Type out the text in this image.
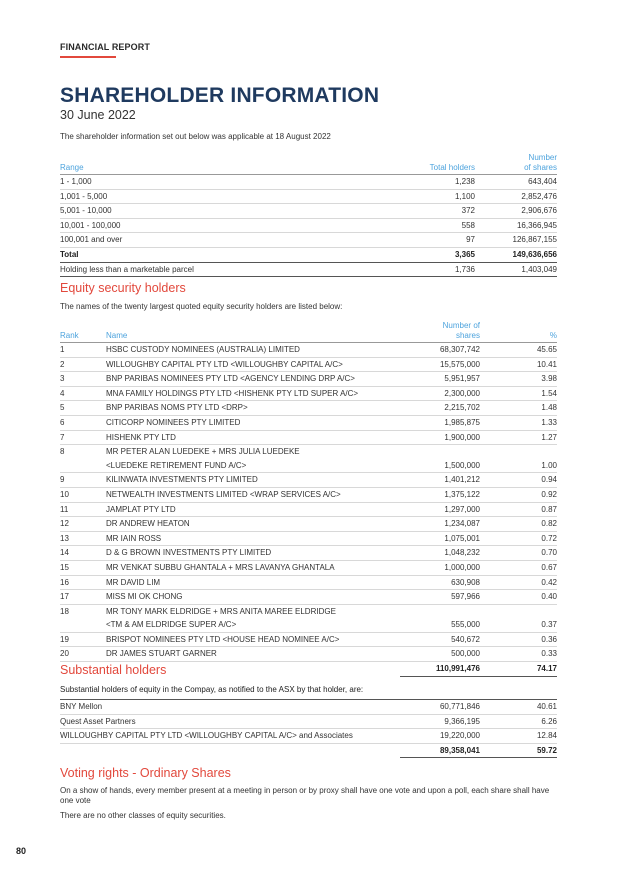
FINANCIAL REPORT
SHAREHOLDER INFORMATION
30 June 2022
The shareholder information set out below was applicable at 18 August 2022
Range	Total holders	Number
of shares
1 - 1,000	1,238	643,404
1,001 - 5,000	1,100	2,852,476
5,001 - 10,000	372	2,906,676
10,001 - 100,000	558	16,366,945
100,001 and over	97	126,867,155
Total	3,365	149,636,656
Holding less than a marketable parcel	1,736	1,403,049
Equity security holders
The names of the twenty largest quoted equity security holders are listed below:
Rank	Name	Number of
shares	%
1	HSBC CUSTODY NOMINEES (AUSTRALIA) LIMITED	68,307,742	45.65
2	WILLOUGHBY CAPITAL PTY LTD <WILLOUGHBY CAPITAL A/C>	15,575,000	10.41
3	BNP PARIBAS NOMINEES PTY LTD <AGENCY LENDING DRP A/C>	5,951,957	3.98
4	MNA FAMILY HOLDINGS PTY LTD <HISHENK PTY LTD SUPER A/C>	2,300,000	1.54
5	BNP PARIBAS NOMS PTY LTD <DRP>	2,215,702	1.48
6	CITICORP NOMINEES PTY LIMITED	1,985,875	1.33
7	HISHENK PTY LTD	1,900,000	1.27
8	MR PETER ALAN LUEDEKE + MRS JULIA LUEDEKE
<LUEDEKE RETIREMENT FUND A/C>	1,500,000	1.00
9	KILINWATA INVESTMENTS PTY LIMITED	1,401,212	0.94
10	NETWEALTH INVESTMENTS LIMITED <WRAP SERVICES A/C>	1,375,122	0.92
11	JAMPLAT PTY LTD	1,297,000	0.87
12	DR ANDREW HEATON	1,234,087	0.82
13	MR IAIN ROSS	1,075,001	0.72
14	D & G BROWN INVESTMENTS PTY LIMITED	1,048,232	0.70
15	MR VENKAT SUBBU GHANTALA + MRS LAVANYA GHANTALA	1,000,000	0.67
16	MR DAVID LIM	630,908	0.42
17	MISS MI OK CHONG	597,966	0.40
18	MR TONY MARK ELDRIDGE + MRS ANITA MAREE ELDRIDGE
<TM & AM ELDRIDGE SUPER A/C>	555,000	0.37
19	BRISPOT NOMINEES PTY LTD <HOUSE HEAD NOMINEE A/C>	540,672	0.36
20	DR JAMES STUART GARNER	500,000	0.33
		110,991,476	74.17
Substantial holders
Substantial holders of equity in the Compay, as notified to the ASX by that holder, are:
BNY Mellon	60,771,846	40.61
Quest Asset Partners	9,366,195	6.26
WILLOUGHBY CAPITAL PTY LTD <WILLOUGHBY CAPITAL A/C> and Associates	19,220,000	12.84
	89,358,041	59.72
Voting rights - Ordinary Shares
On a show of hands, every member present at a meeting in person or by proxy shall have one vote and upon a poll, each share shall have one vote
There are no other classes of equity securities.
80
